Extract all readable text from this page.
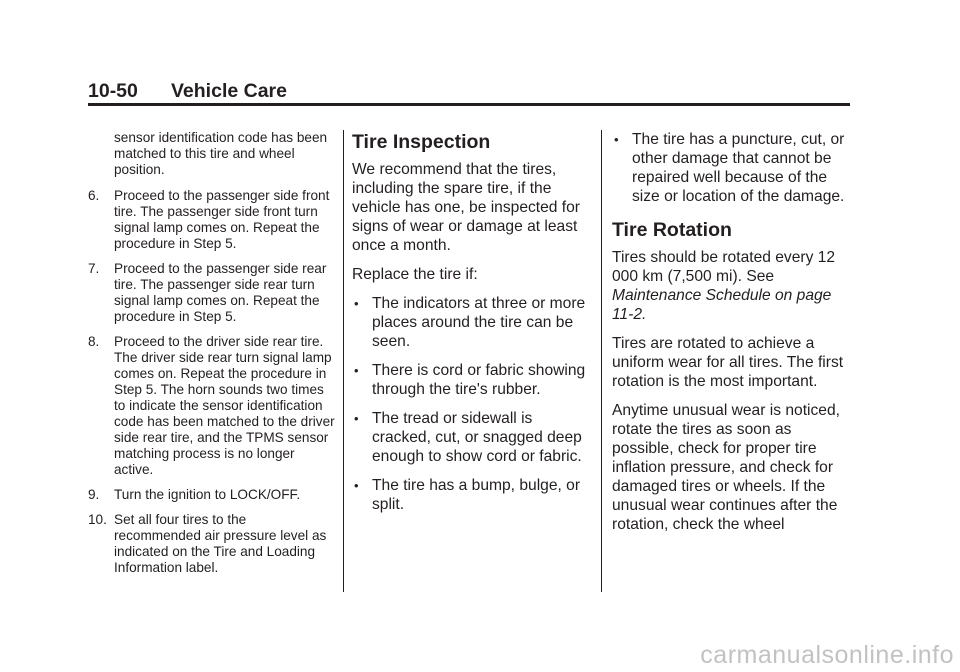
10-50 Vehicle Care

sensor identification code has been matched to this tire and wheel position.

6. Proceed to the passenger side front tire. The passenger side front turn signal lamp comes on. Repeat the procedure in Step 5.
7. Proceed to the passenger side rear tire. The passenger side rear turn signal lamp comes on. Repeat the procedure in Step 5.
8. Proceed to the driver side rear tire. The driver side rear turn signal lamp comes on. Repeat the procedure in Step 5. The horn sounds two times to indicate the sensor identification code has been matched to the driver side rear tire, and the TPMS sensor matching process is no longer active.
9. Turn the ignition to LOCK/OFF.
10. Set all four tires to the recommended air pressure level as indicated on the Tire and Loading Information label.
Tire Inspection

We recommend that the tires, including the spare tire, if the vehicle has one, be inspected for signs of wear or damage at least once a month.

Replace the tire if:

• The indicators at three or more places around the tire can be seen.
• There is cord or fabric showing through the tire's rubber.
• The tread or sidewall is cracked, cut, or snagged deep enough to show cord or fabric.
• The tire has a bump, bulge, or split.
• The tire has a puncture, cut, or other damage that cannot be repaired well because of the size or location of the damage.
Tire Rotation

Tires should be rotated every 12 000 km (7,500 mi). See Maintenance Schedule on page 11-2.

Tires are rotated to achieve a uniform wear for all tires. The first rotation is the most important.

Anytime unusual wear is noticed, rotate the tires as soon as possible, check for proper tire inflation pressure, and check for damaged tires or wheels. If the unusual wear continues after the rotation, check the wheel

carmanualsonline.info
